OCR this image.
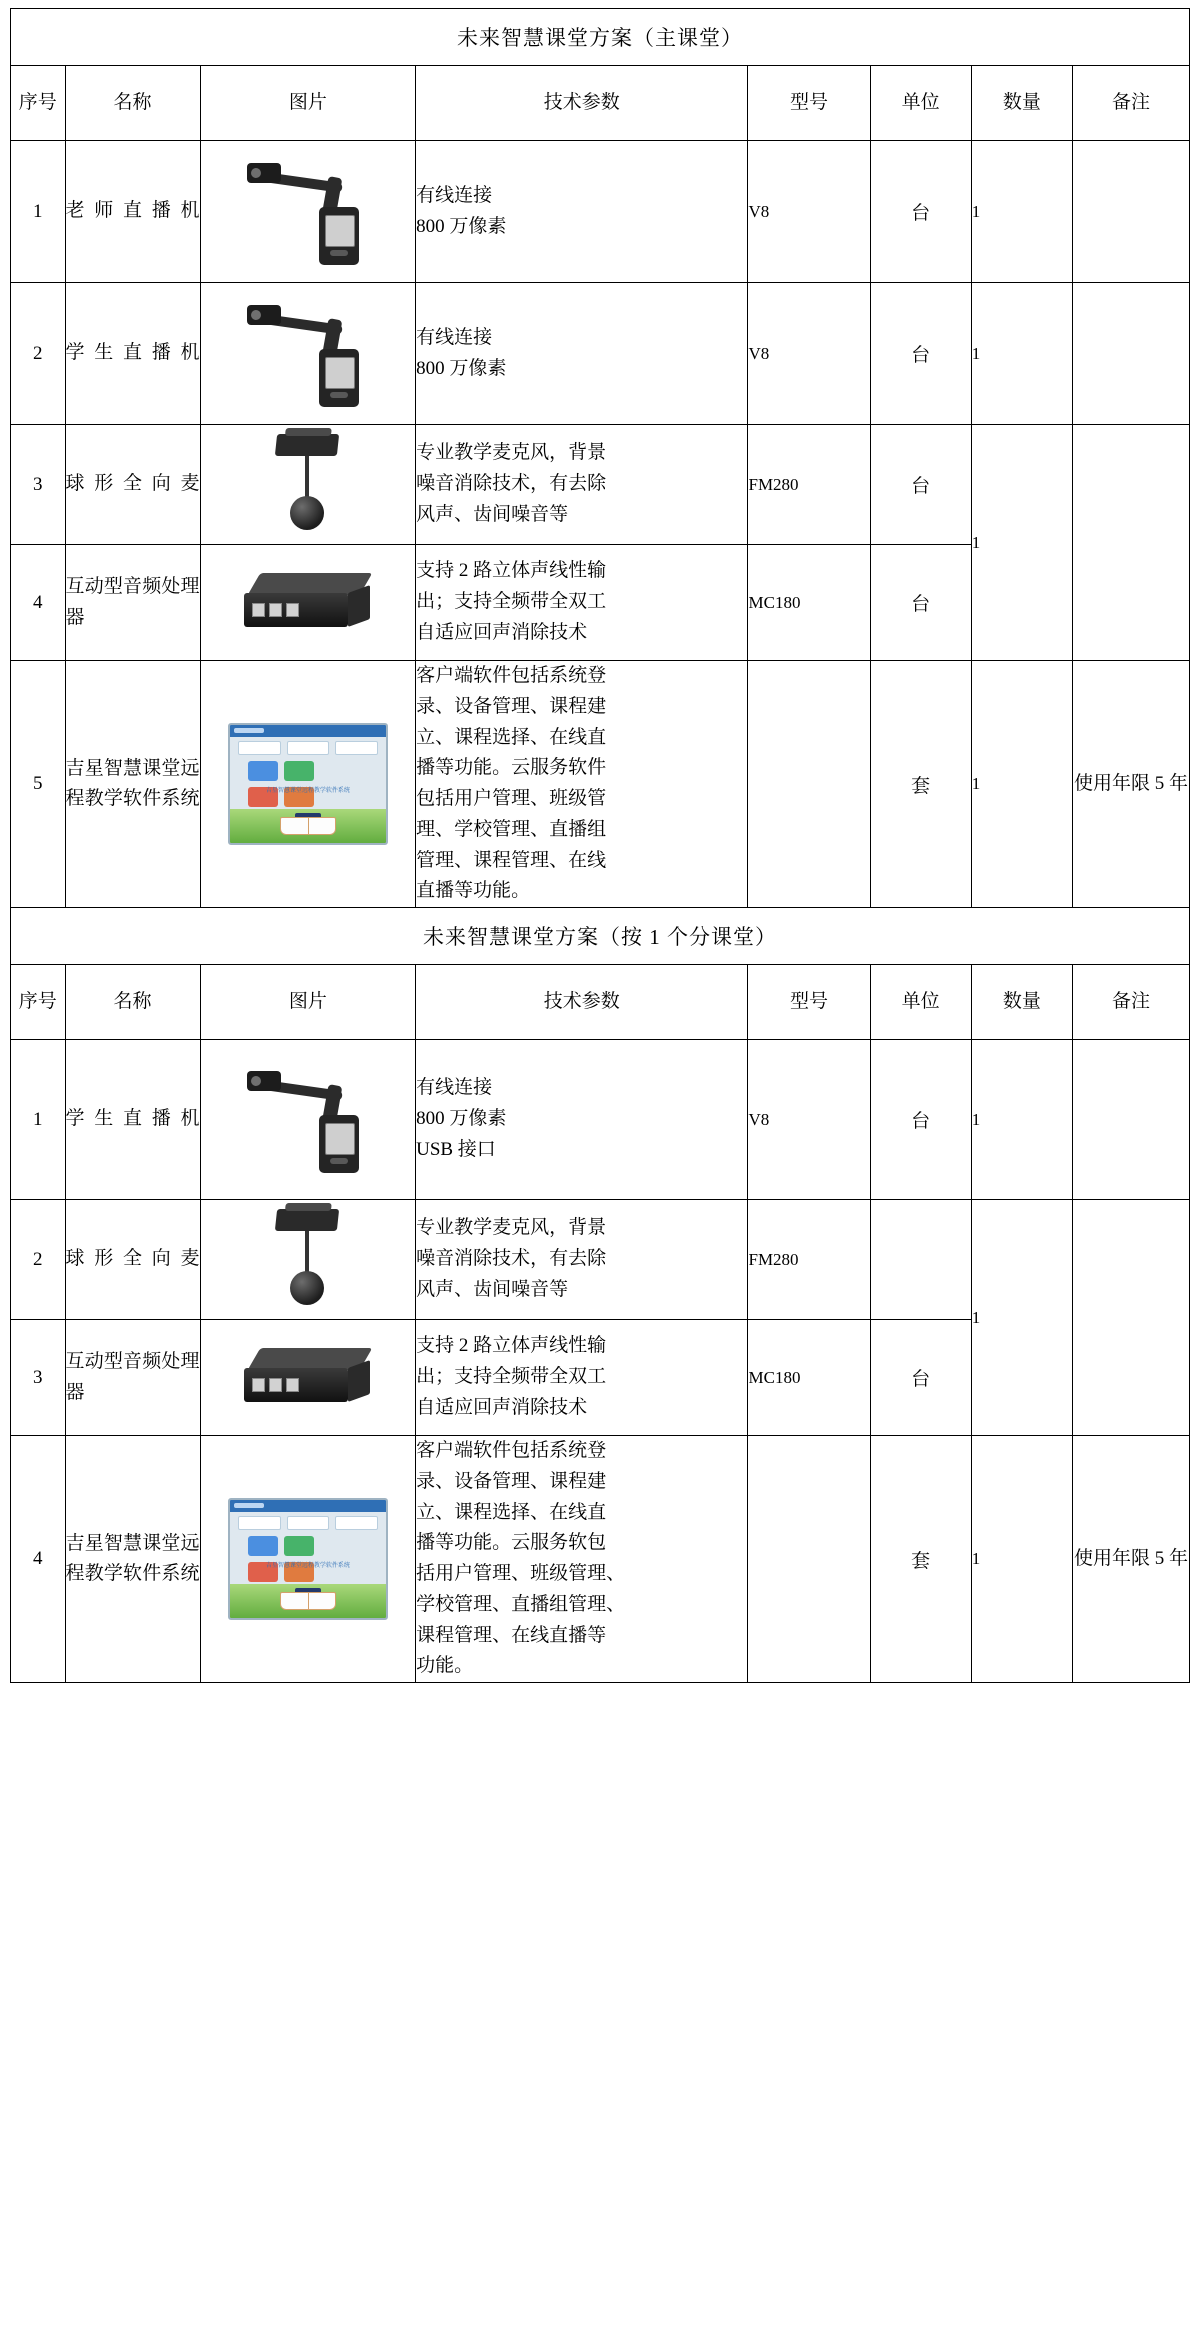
未来智慧课堂方案（主课堂）							
序号	名称	图片	技术参数	型号	单位	数量	备注
1	老师直播机		有线连接
800 万像素	V8	台	1	
2	学生直播机		有线连接
800 万像素	V8	台	1	
3	球形全向麦		专业教学麦克风，背景
噪音消除技术，有去除
风声、齿间噪音等	FM280	台	1	
4	互动型音频处理器		支持 2 路立体声线性输
出；支持全频带全双工
自适应回声消除技术	MC180	台		
5	吉星智慧课堂远程教学软件系统	吉星智慧课堂远程教学软件系统

客户端软件包括系统登
录、设备管理、课程建
立、课程选择、在线直
播等功能。云服务软件
包括用户管理、班级管
理、学校管理、直播组
管理、课程管理、在线
直播等功能。
		套	1	使用年限 5 年
未来智慧课堂方案（按 1 个分课堂）							
序号	名称	图片	技术参数	型号	单位	数量	备注
1	学生直播机		有线连接
800 万像素
USB 接口	V8	台	1	
2	球形全向麦		专业教学麦克风，背景
噪音消除技术，有去除
风声、齿间噪音等	FM280		1	
3	互动型音频处理器		支持 2 路立体声线性输
出；支持全频带全双工
自适应回声消除技术	MC180	台		
4	吉星智慧课堂远程教学软件系统	吉星智慧课堂远程教学软件系统

客户端软件包括系统登
录、设备管理、课程建
立、课程选择、在线直
播等功能。云服务软包
括用户管理、班级管理、
学校管理、直播组管理、
课程管理、在线直播等
功能。
		套	1	使用年限 5 年
